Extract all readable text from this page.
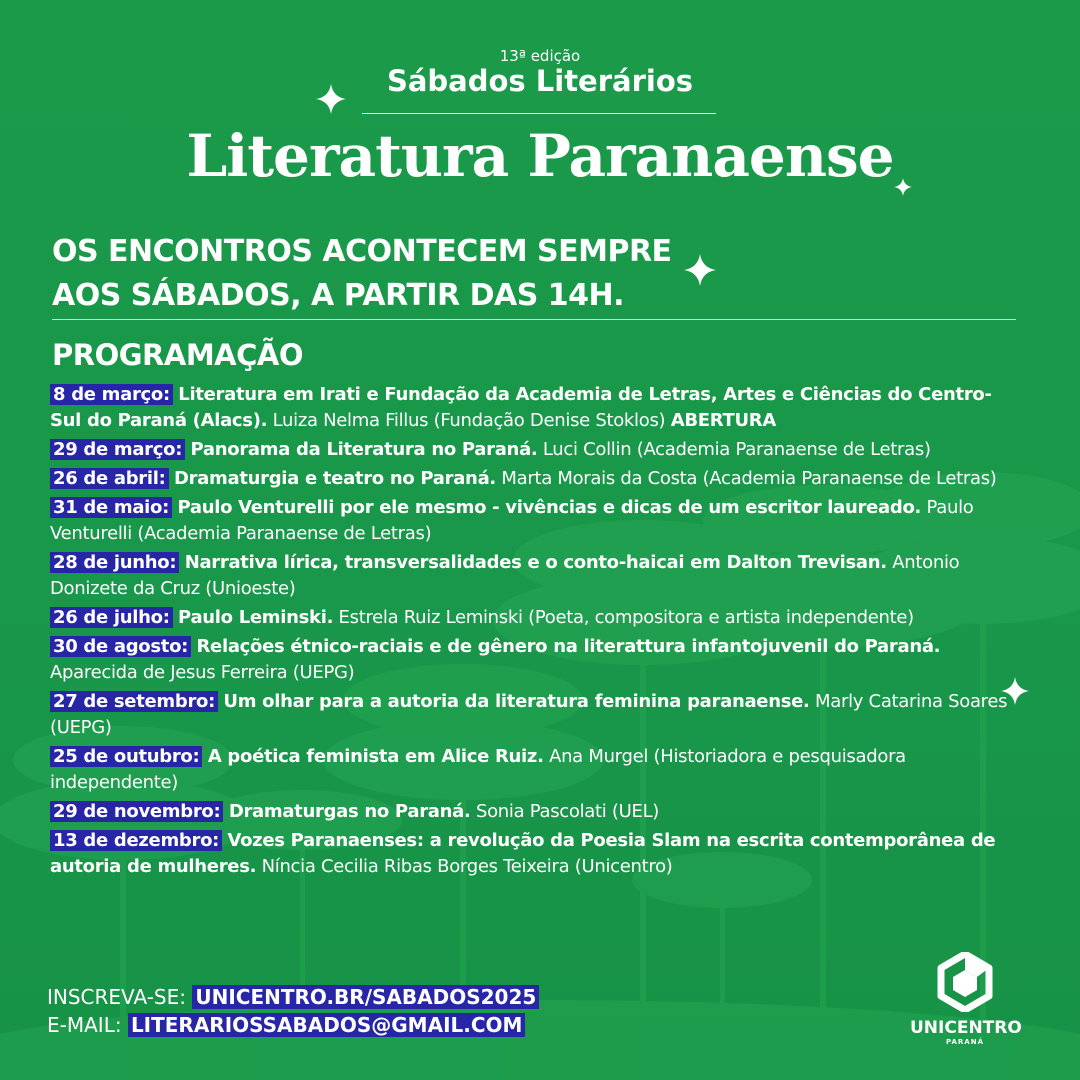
13ª edição
Sábados Literários
Literatura Paranaense
OS ENCONTROS ACONTECEM SEMPRE
AOS SÁBADOS, A PARTIR DAS 14H.
PROGRAMAÇÃO
8 de março: Literatura em Irati e Fundação da Academia de Letras, Artes e Ciências do Centro-Sul do Paraná (Alacs). Luiza Nelma Fillus (Fundação Denise Stoklos) ABERTURA
29 de março: Panorama da Literatura no Paraná. Luci Collin (Academia Paranaense de Letras)
26 de abril: Dramaturgia e teatro no Paraná. Marta Morais da Costa (Academia Paranaense de Letras)
31 de maio: Paulo Venturelli por ele mesmo - vivências e dicas de um escritor laureado. Paulo Venturelli (Academia Paranaense de Letras)
28 de junho: Narrativa lírica, transversalidades e o conto-haicai em Dalton Trevisan. Antonio Donizete da Cruz (Unioeste)
26 de julho: Paulo Leminski. Estrela Ruiz Leminski (Poeta, compositora e artista independente)
30 de agosto: Relações étnico-raciais e de gênero na literattura infantojuvenil do Paraná. Aparecida de Jesus Ferreira (UEPG)
27 de setembro: Um olhar para a autoria da literatura feminina paranaense. Marly Catarina Soares (UEPG)
25 de outubro: A poética feminista em Alice Ruiz. Ana Murgel (Historiadora e pesquisadora independente)
29 de novembro: Dramaturgas no Paraná. Sonia Pascolati (UEL)
13 de dezembro: Vozes Paranaenses: a revolução da Poesia Slam na escrita contemporânea de autoria de mulheres. Níncia Cecilia Ribas Borges Teixeira (Unicentro)
INSCREVA-SE: UNICENTRO.BR/SABADOS2025
E-MAIL: LITERARIOSSABADOS@GMAIL.COM	UNICENTRO
PARANÁ
